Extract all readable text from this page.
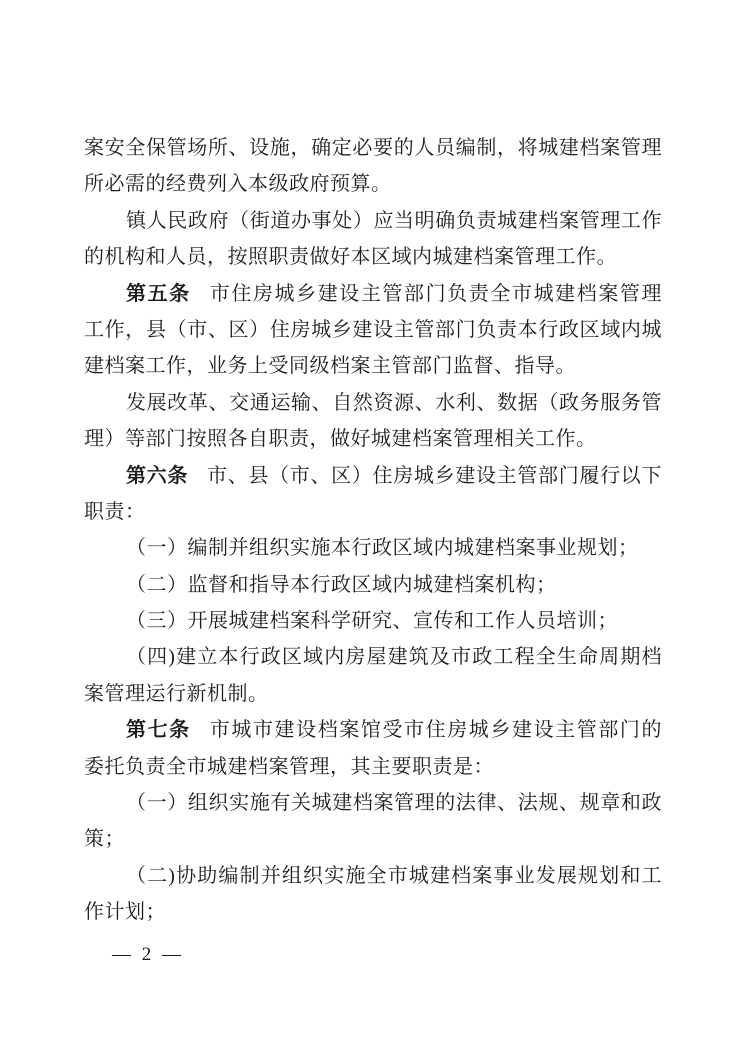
案安全保管场所、设施，确定必要的人员编制，将城建档案管理
所必需的经费列入本级政府预算。
镇人民政府（街道办事处）应当明确负责城建档案管理工作
的机构和人员，按照职责做好本区域内城建档案管理工作。
第五条 市住房城乡建设主管部门负责全市城建档案管理
工作，县（市、区）住房城乡建设主管部门负责本行政区域内城
建档案工作，业务上受同级档案主管部门监督、指导。
发展改革、交通运输、自然资源、水利、数据（政务服务管
理）等部门按照各自职责，做好城建档案管理相关工作。
第六条 市、县（市、区）住房城乡建设主管部门履行以下
职责：
（一）编制并组织实施本行政区域内城建档案事业规划；
（二）监督和指导本行政区域内城建档案机构；
（三）开展城建档案科学研究、宣传和工作人员培训；
（四)建立本行政区域内房屋建筑及市政工程全生命周期档
案管理运行新机制。
第七条 市城市建设档案馆受市住房城乡建设主管部门的
委托负责全市城建档案管理，其主要职责是：
（一）组织实施有关城建档案管理的法律、法规、规章和政
策；
（二)协助编制并组织实施全市城建档案事业发展规划和工
作计划；
— 2 —
